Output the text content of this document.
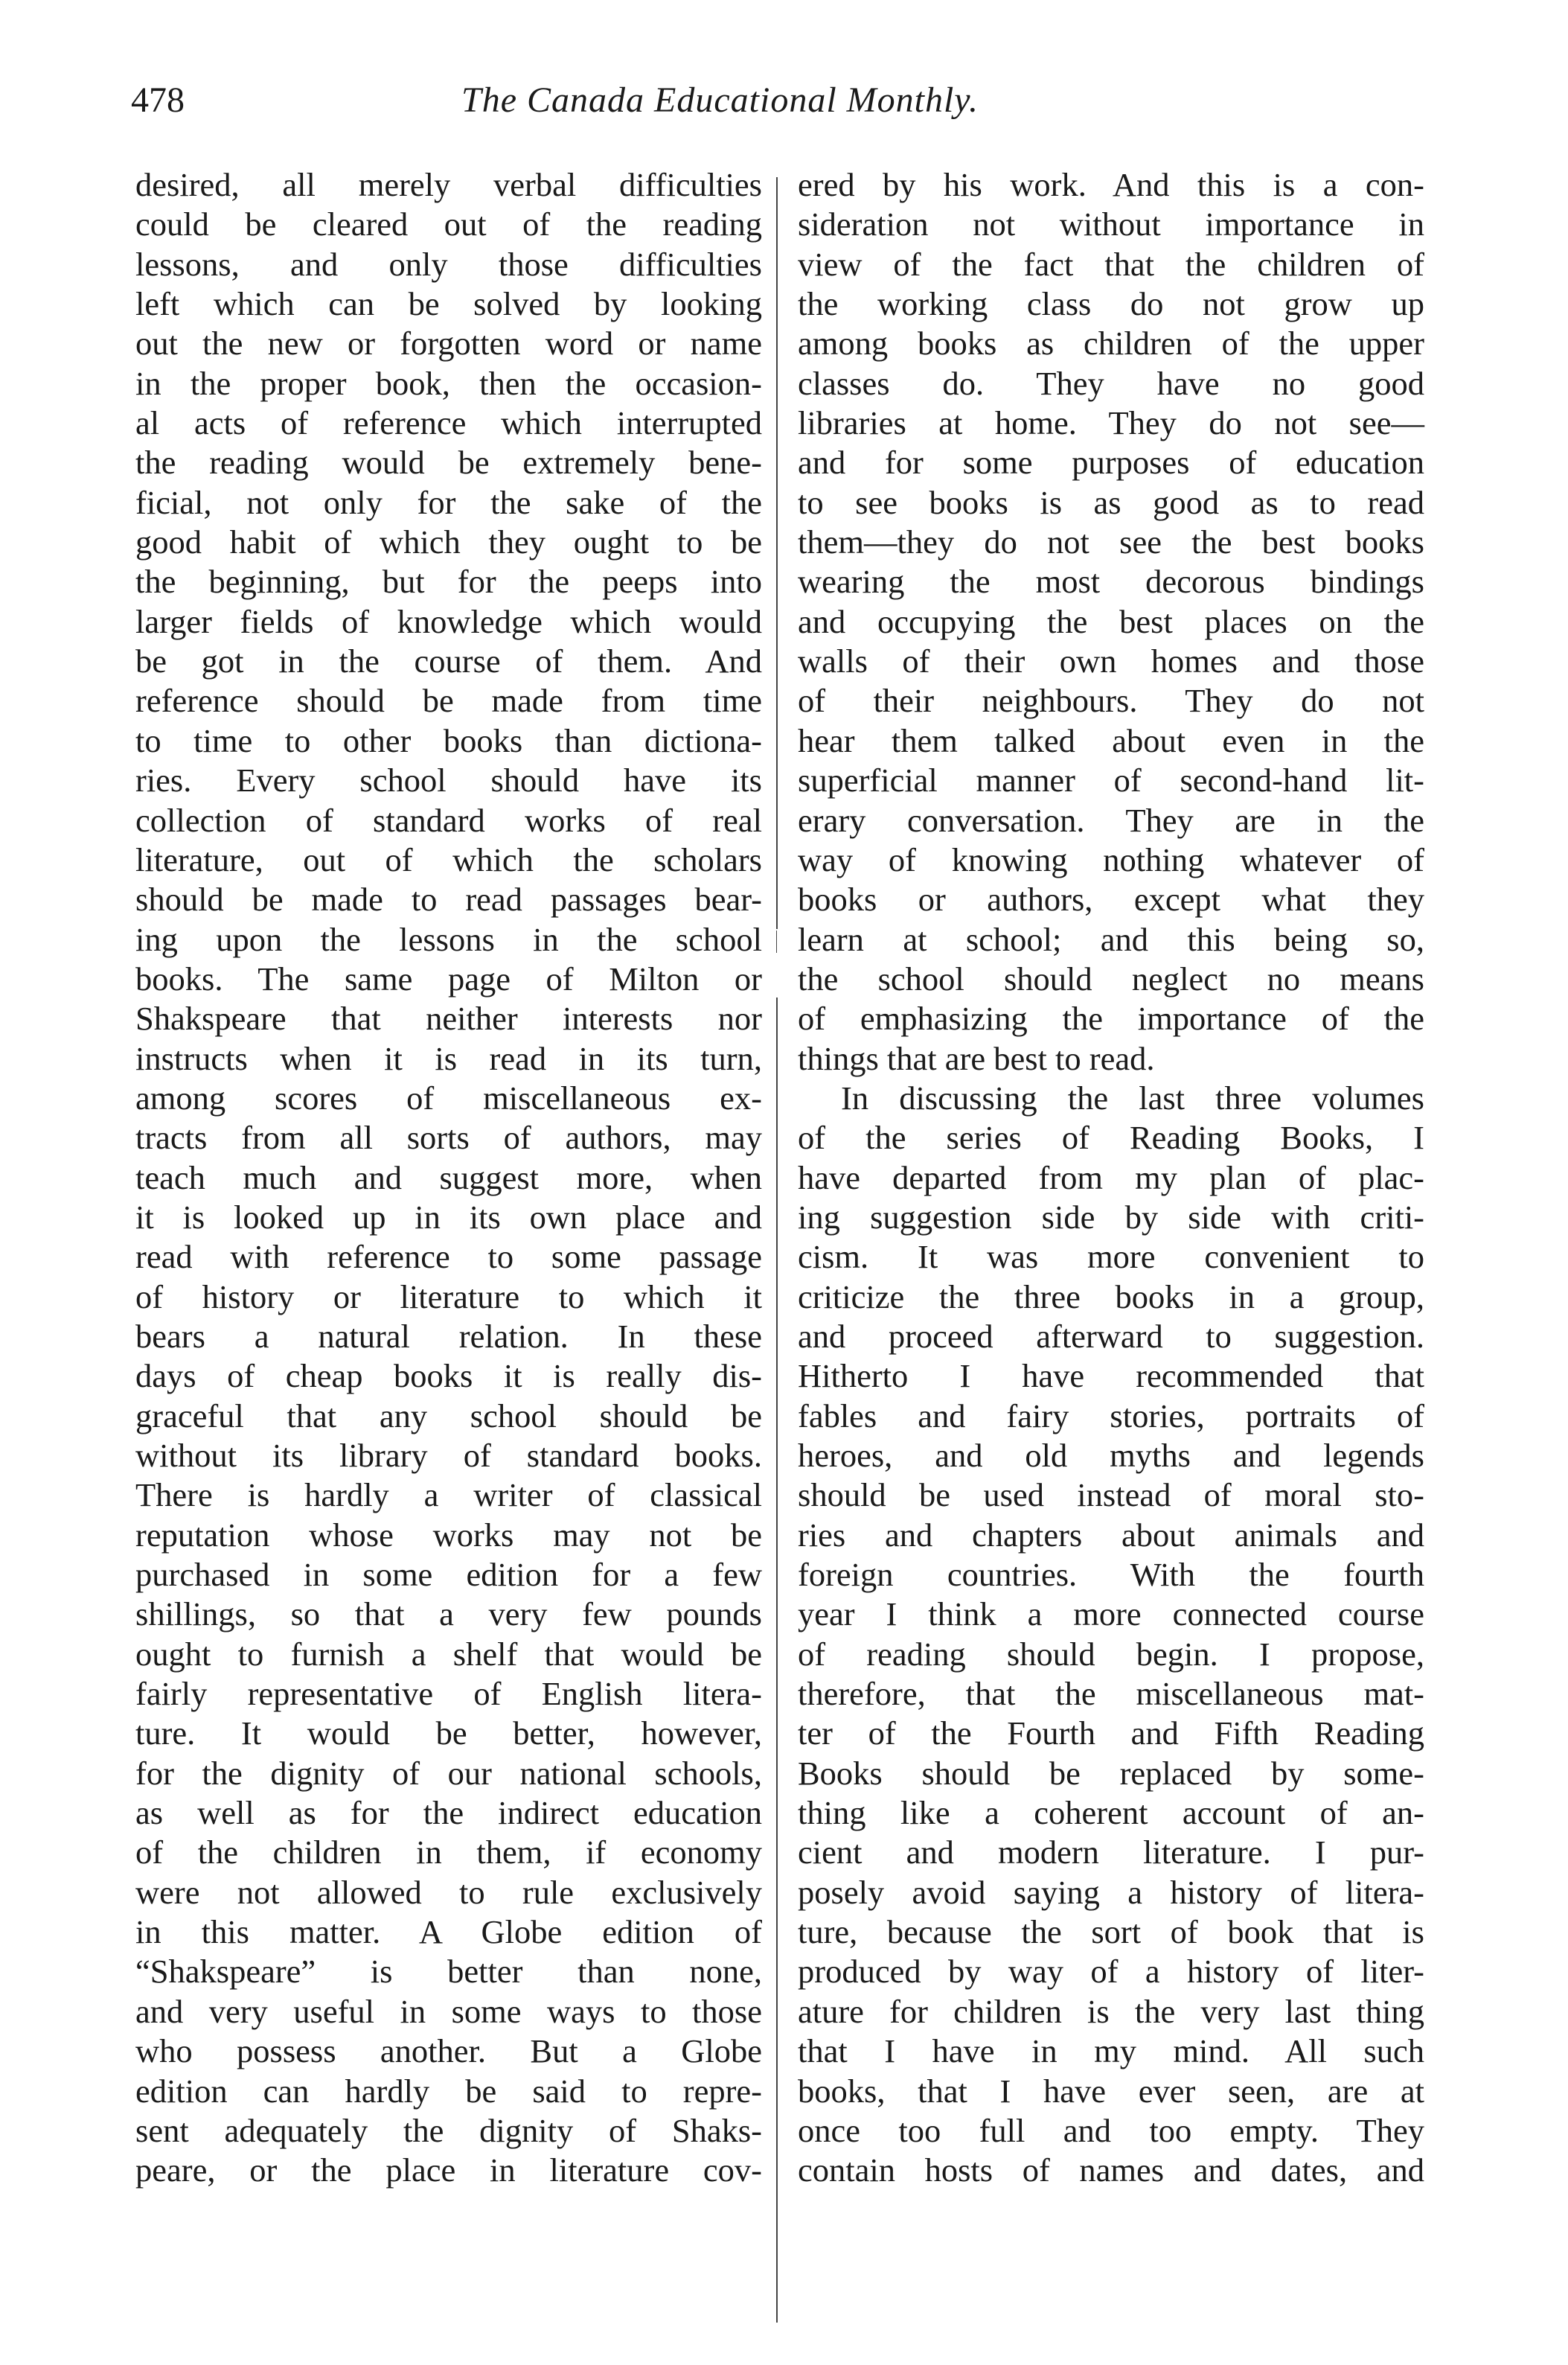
478	The Canada Educational Monthly.
desired, all merely verbal difficulties
could be cleared out of the reading
lessons, and only those difficulties
left which can be solved by looking
out the new or forgotten word or name
in the proper book, then the occasion-
al acts of reference which interrupted
the reading would be extremely bene-
ficial, not only for the sake of the
good habit of which they ought to be
the beginning, but for the peeps into
larger fields of knowledge which would
be got in the course of them. And
reference should be made from time
to time to other books than dictiona-
ries. Every school should have its
collection of standard works of real
literature, out of which the scholars
should be made to read passages bear-
ing upon the lessons in the school
books. The same page of Milton or
Shakspeare that neither interests nor
instructs when it is read in its turn,
among scores of miscellaneous ex-
tracts from all sorts of authors, may
teach much and suggest more, when
it is looked up in its own place and
read with reference to some passage
of history or literature to which it
bears a natural relation. In these
days of cheap books it is really dis-
graceful that any school should be
without its library of standard books.
There is hardly a writer of classical
reputation whose works may not be
purchased in some edition for a few
shillings, so that a very few pounds
ought to furnish a shelf that would be
fairly representative of English litera-
ture. It would be better, however,
for the dignity of our national schools,
as well as for the indirect education
of the children in them, if economy
were not allowed to rule exclusively
in this matter. A Globe edition of
“Shakspeare” is better than none,
and very useful in some ways to those
who possess another. But a Globe
edition can hardly be said to repre-
sent adequately the dignity of Shaks-
peare, or the place in literature cov-
ered by his work. And this is a con-
sideration not without importance in
view of the fact that the children of
the working class do not grow up
among books as children of the upper
classes do. They have no good
libraries at home. They do not see—
and for some purposes of education
to see books is as good as to read
them—they do not see the best books
wearing the most decorous bindings
and occupying the best places on the
walls of their own homes and those
of their neighbours. They do not
hear them talked about even in the
superficial manner of second-hand lit-
erary conversation. They are in the
way of knowing nothing whatever of
books or authors, except what they
learn at school; and this being so,
the school should neglect no means
of emphasizing the importance of the
things that are best to read.
In discussing the last three volumes
of the series of Reading Books, I
have departed from my plan of plac-
ing suggestion side by side with criti-
cism. It was more convenient to
criticize the three books in a group,
and proceed afterward to suggestion.
Hitherto I have recommended that
fables and fairy stories, portraits of
heroes, and old myths and legends
should be used instead of moral sto-
ries and chapters about animals and
foreign countries. With the fourth
year I think a more connected course
of reading should begin. I propose,
therefore, that the miscellaneous mat-
ter of the Fourth and Fifth Reading
Books should be replaced by some-
thing like a coherent account of an-
cient and modern literature. I pur-
posely avoid saying a history of litera-
ture, because the sort of book that is
produced by way of a history of liter-
ature for children is the very last thing
that I have in my mind. All such
books, that I have ever seen, are at
once too full and too empty. They
contain hosts of names and dates, and
